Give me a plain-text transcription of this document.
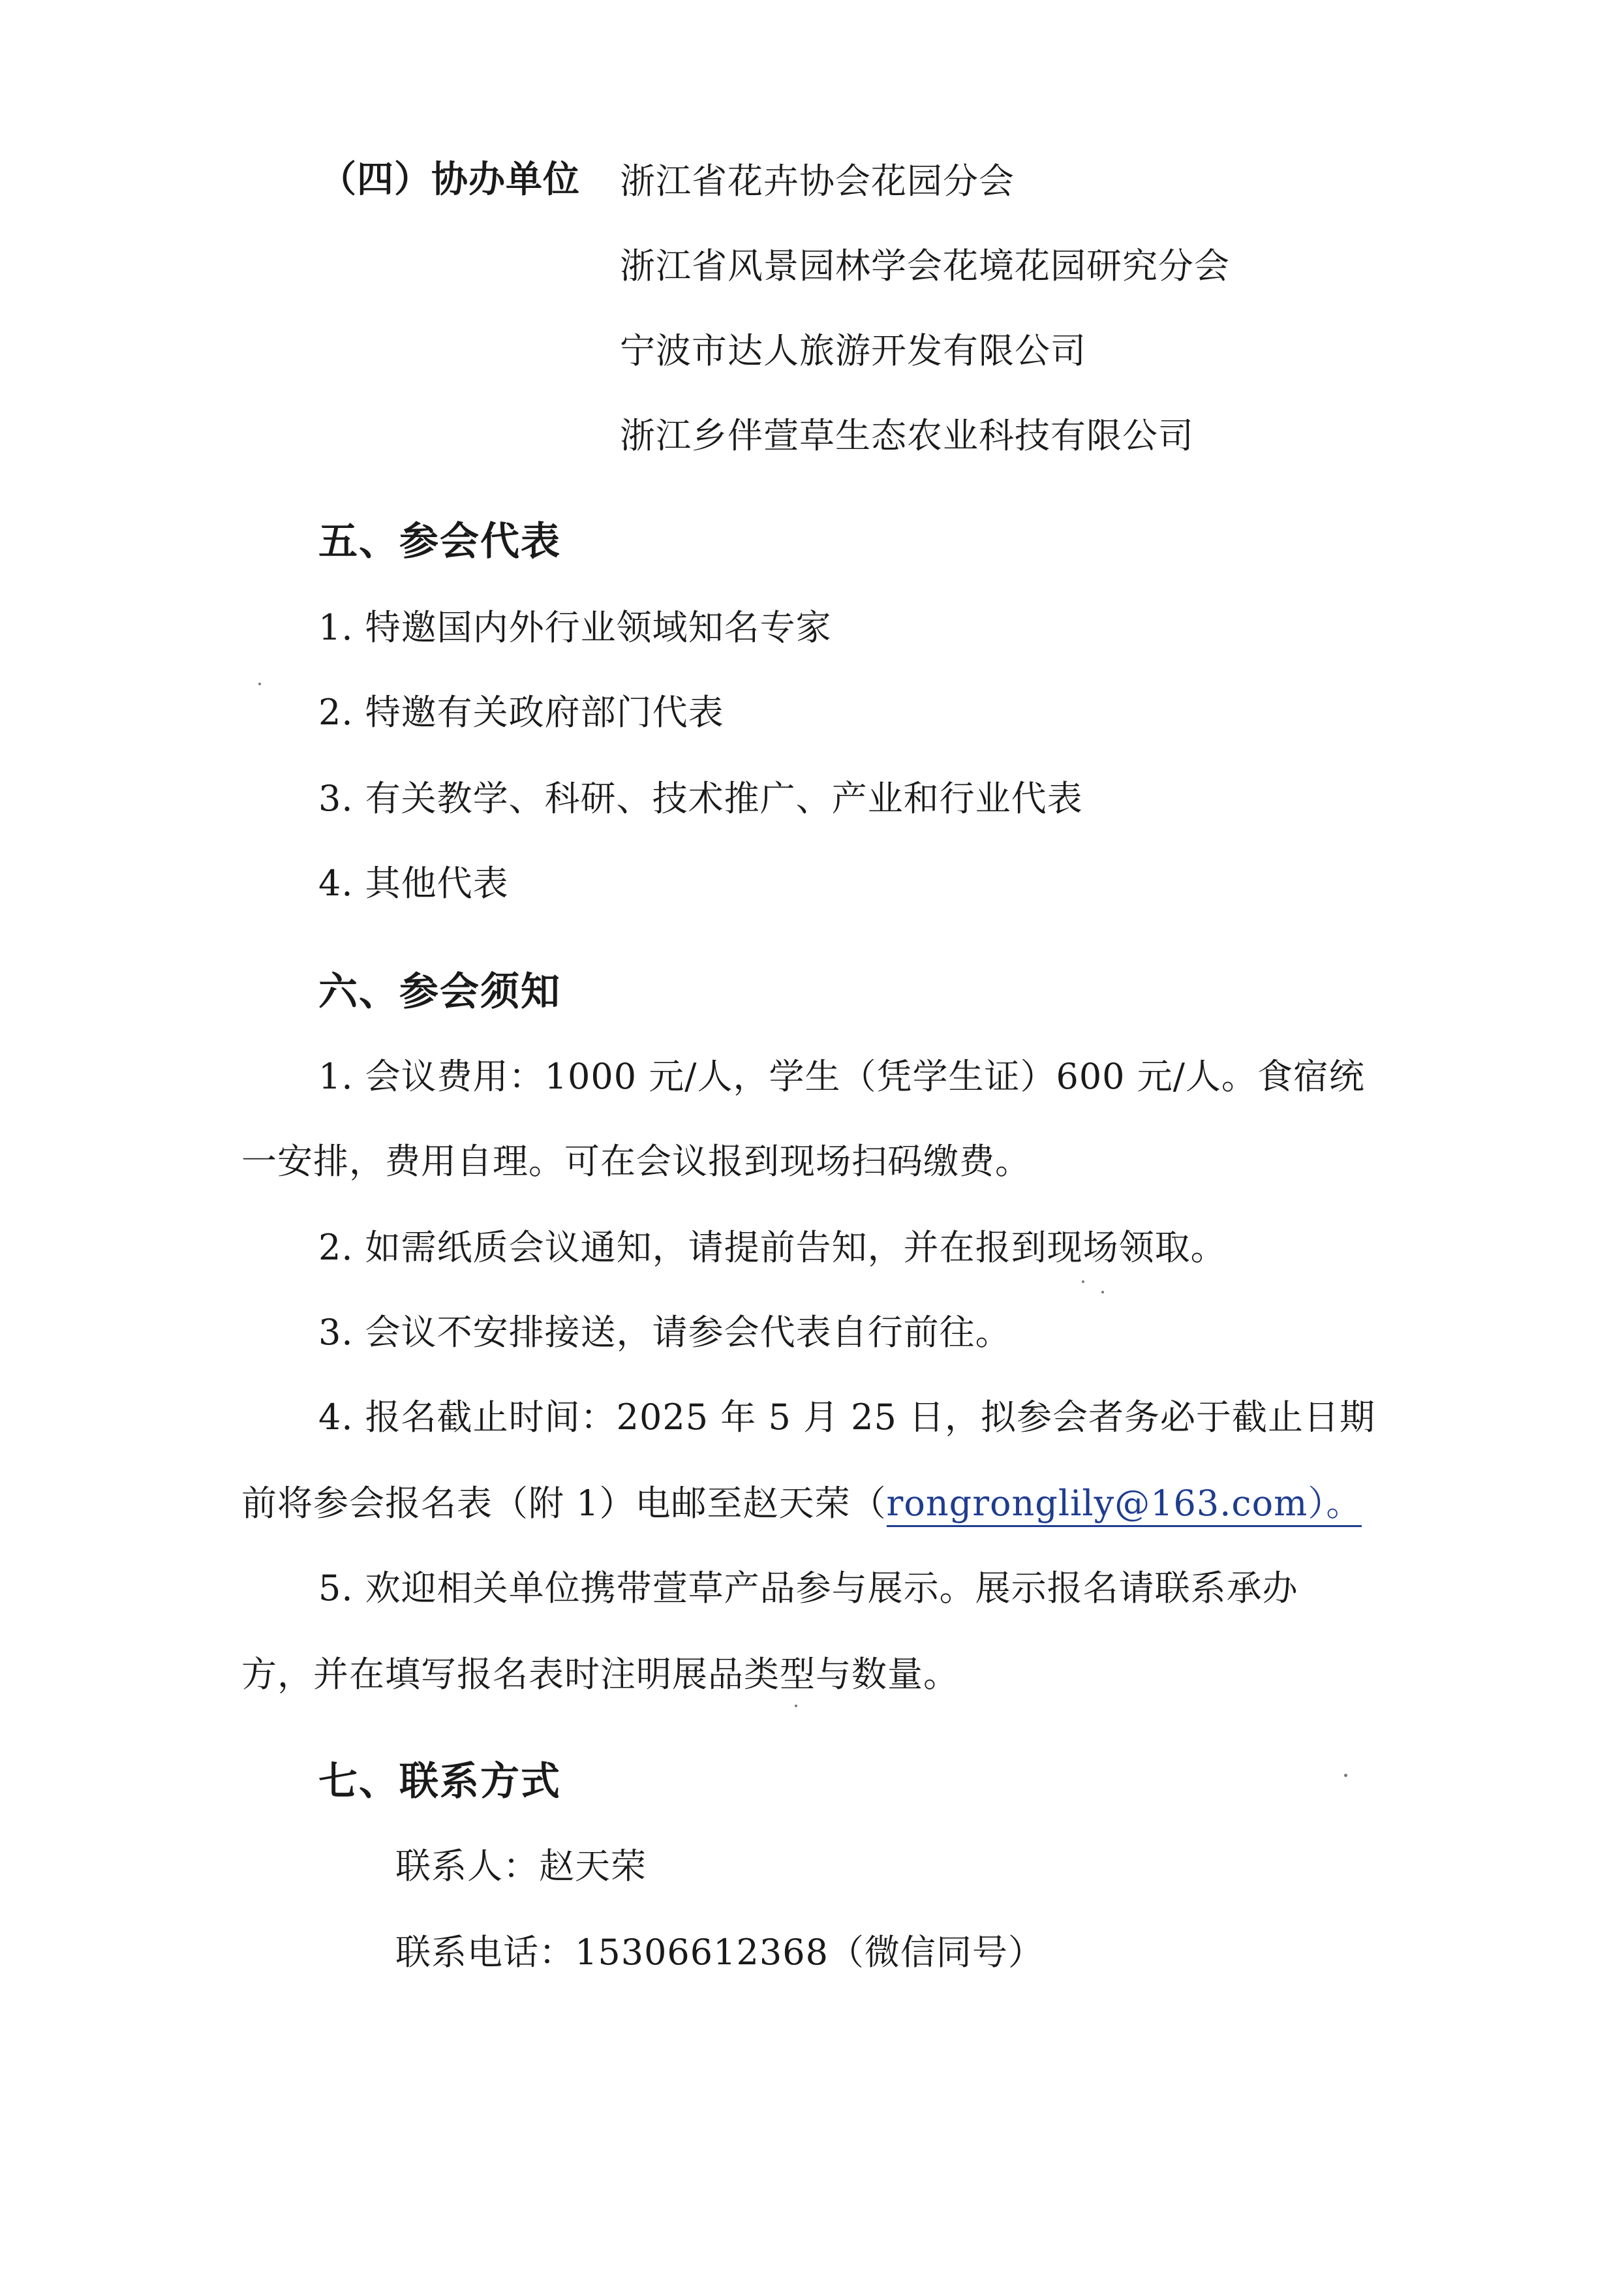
（四）协办单位 浙江省花卉协会花园分会
浙江省风景园林学会花境花园研究分会
宁波市达人旅游开发有限公司
浙江乡伴萱草生态农业科技有限公司
五、参会代表
1. 特邀国内外行业领域知名专家
2. 特邀有关政府部门代表
3. 有关教学、科研、技术推广、产业和行业代表
4. 其他代表
六、参会须知
1. 会议费用：1000 元/人，学生（凭学生证）600 元/人。食宿统
一安排，费用自理。可在会议报到现场扫码缴费。
2. 如需纸质会议通知，请提前告知，并在报到现场领取。
3. 会议不安排接送，请参会代表自行前往。
4. 报名截止时间：2025 年 5 月 25 日，拟参会者务必于截止日期
前将参会报名表（附 1）电邮至赵天荣（rongronglily@163.com）。
5. 欢迎相关单位携带萱草产品参与展示。展示报名请联系承办
方，并在填写报名表时注明展品类型与数量。
七、联系方式
联系人：赵天荣
联系电话：15306612368（微信同号）
